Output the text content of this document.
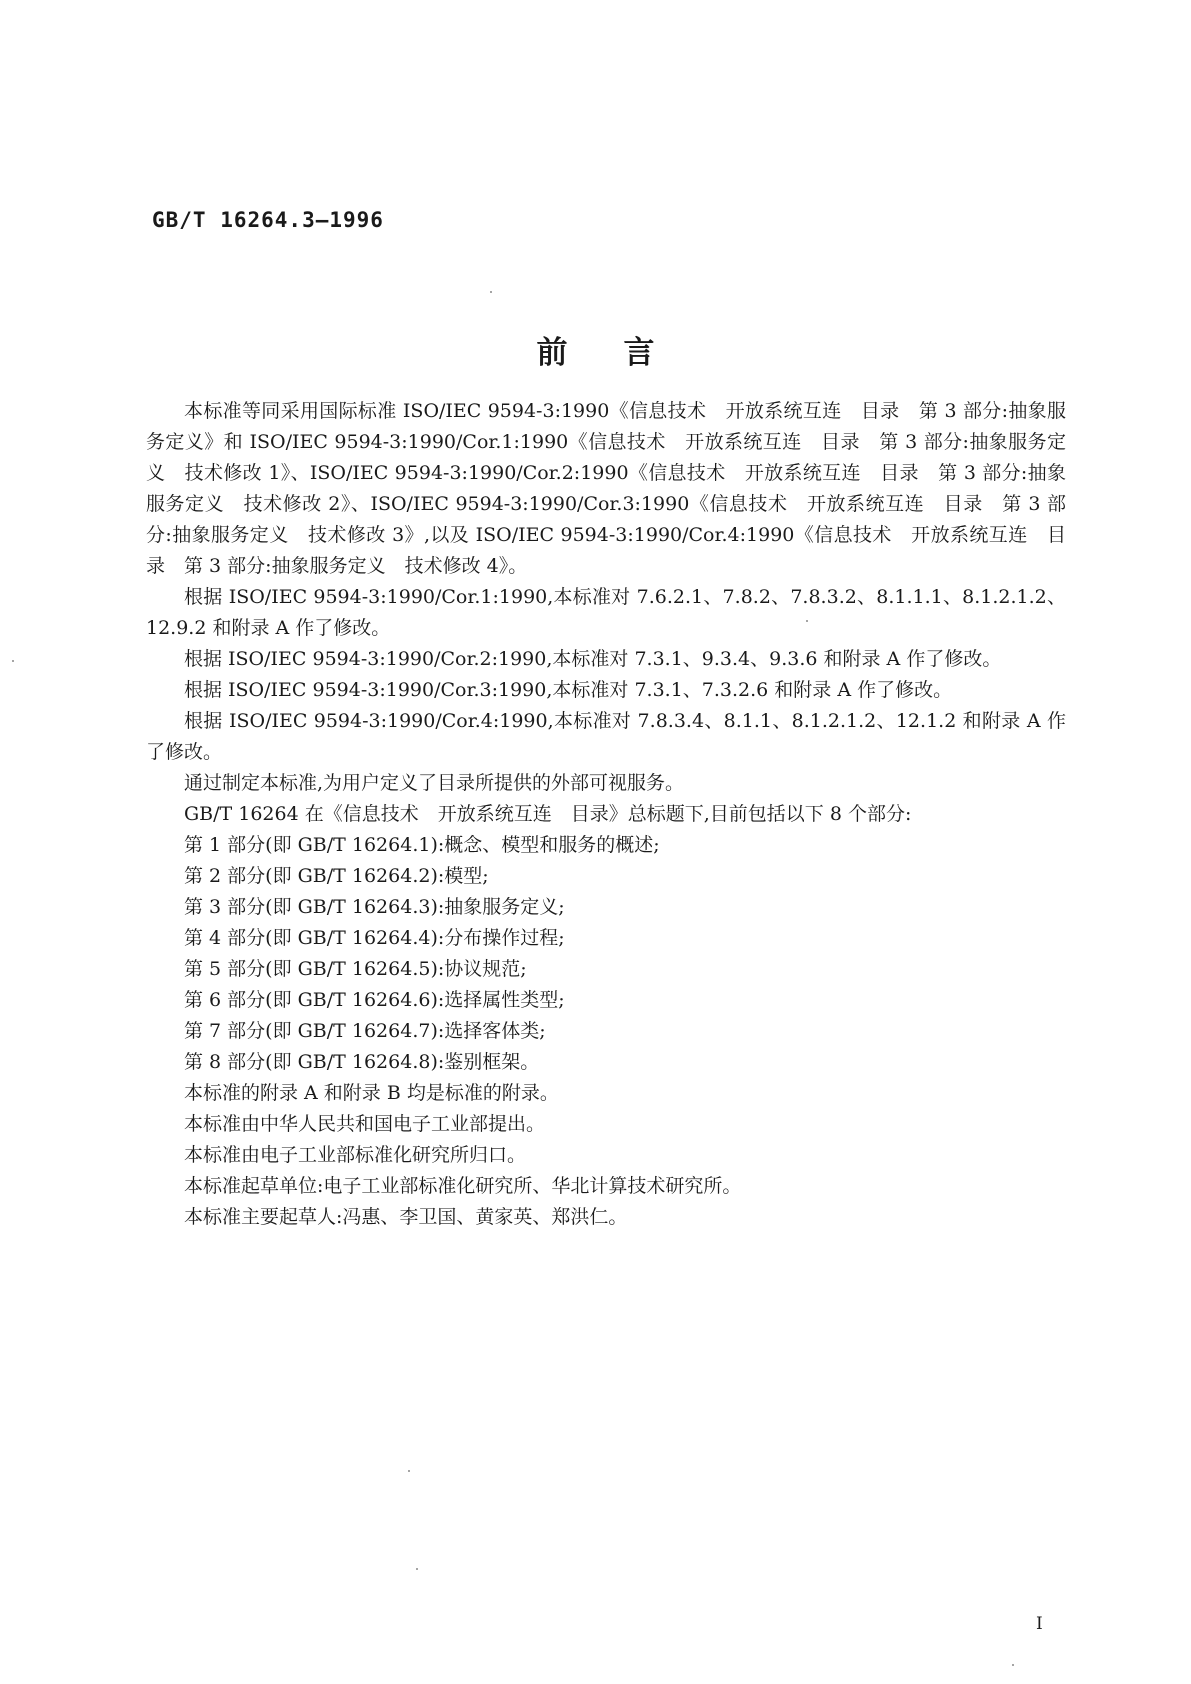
GB/T 16264.3—1996
前言

本标准等同采用国际标准 ISO/IEC 9594-3:1990《信息技术　开放系统互连　目录　第 3 部分:抽象服务定义》和 ISO/IEC 9594-3:1990/Cor.1:1990《信息技术　开放系统互连　目录　第 3 部分:抽象服务定义　技术修改 1》、ISO/IEC 9594-3:1990/Cor.2:1990《信息技术　开放系统互连　目录　第 3 部分:抽象服务定义　技术修改 2》、ISO/IEC 9594-3:1990/Cor.3:1990《信息技术　开放系统互连　目录　第 3 部分:抽象服务定义　技术修改 3》,以及 ISO/IEC 9594-3:1990/Cor.4:1990《信息技术　开放系统互连　目录　第 3 部分:抽象服务定义　技术修改 4》。

根据 ISO/IEC 9594-3:1990/Cor.1:1990,本标准对 7.6.2.1、7.8.2、7.8.3.2、8.1.1.1、8.1.2.1.2、12.9.2 和附录 A 作了修改。

根据 ISO/IEC 9594-3:1990/Cor.2:1990,本标准对 7.3.1、9.3.4、9.3.6 和附录 A 作了修改。

根据 ISO/IEC 9594-3:1990/Cor.3:1990,本标准对 7.3.1、7.3.2.6 和附录 A 作了修改。

根据 ISO/IEC 9594-3:1990/Cor.4:1990,本标准对 7.8.3.4、8.1.1、8.1.2.1.2、12.1.2 和附录 A 作了修改。

通过制定本标准,为用户定义了目录所提供的外部可视服务。

GB/T 16264 在《信息技术　开放系统互连　目录》总标题下,目前包括以下 8 个部分:

第 1 部分(即 GB/T 16264.1):概念、模型和服务的概述;

第 2 部分(即 GB/T 16264.2):模型;

第 3 部分(即 GB/T 16264.3):抽象服务定义;

第 4 部分(即 GB/T 16264.4):分布操作过程;

第 5 部分(即 GB/T 16264.5):协议规范;

第 6 部分(即 GB/T 16264.6):选择属性类型;

第 7 部分(即 GB/T 16264.7):选择客体类;

第 8 部分(即 GB/T 16264.8):鉴别框架。

本标准的附录 A 和附录 B 均是标准的附录。

本标准由中华人民共和国电子工业部提出。

本标准由电子工业部标准化研究所归口。

本标准起草单位:电子工业部标准化研究所、华北计算技术研究所。

本标准主要起草人:冯惠、李卫国、黄家英、郑洪仁。

I
